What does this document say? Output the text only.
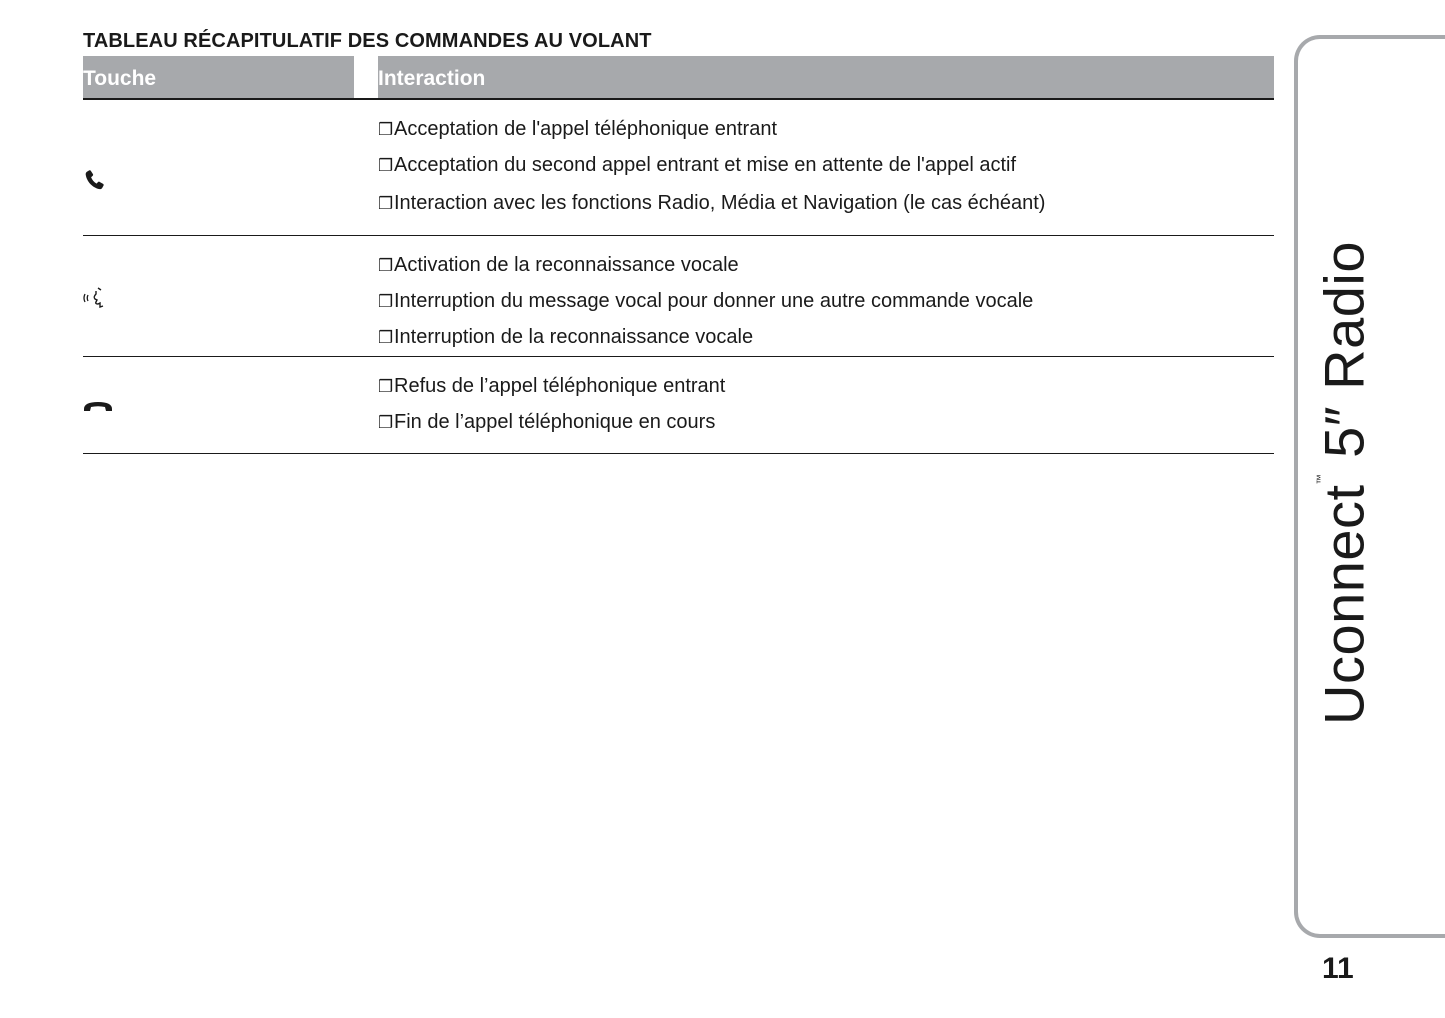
TABLEAU RÉCAPITULATIF DES COMMANDES AU VOLANT
Touche	Interaction
❒Acceptation de l'appel téléphonique entrant
❒Acceptation du second appel entrant et mise en attente de l'appel actif
❒Interaction avec les fonctions Radio, Média et Navigation (le cas échéant)
❒Activation de la reconnaissance vocale
❒Interruption du message vocal pour donner une autre commande vocale
❒Interruption de la reconnaissance vocale
❒Refus de l’appel téléphonique entrant
❒Fin de l’appel téléphonique en cours
Uconnect™ 5″ Radio
11
